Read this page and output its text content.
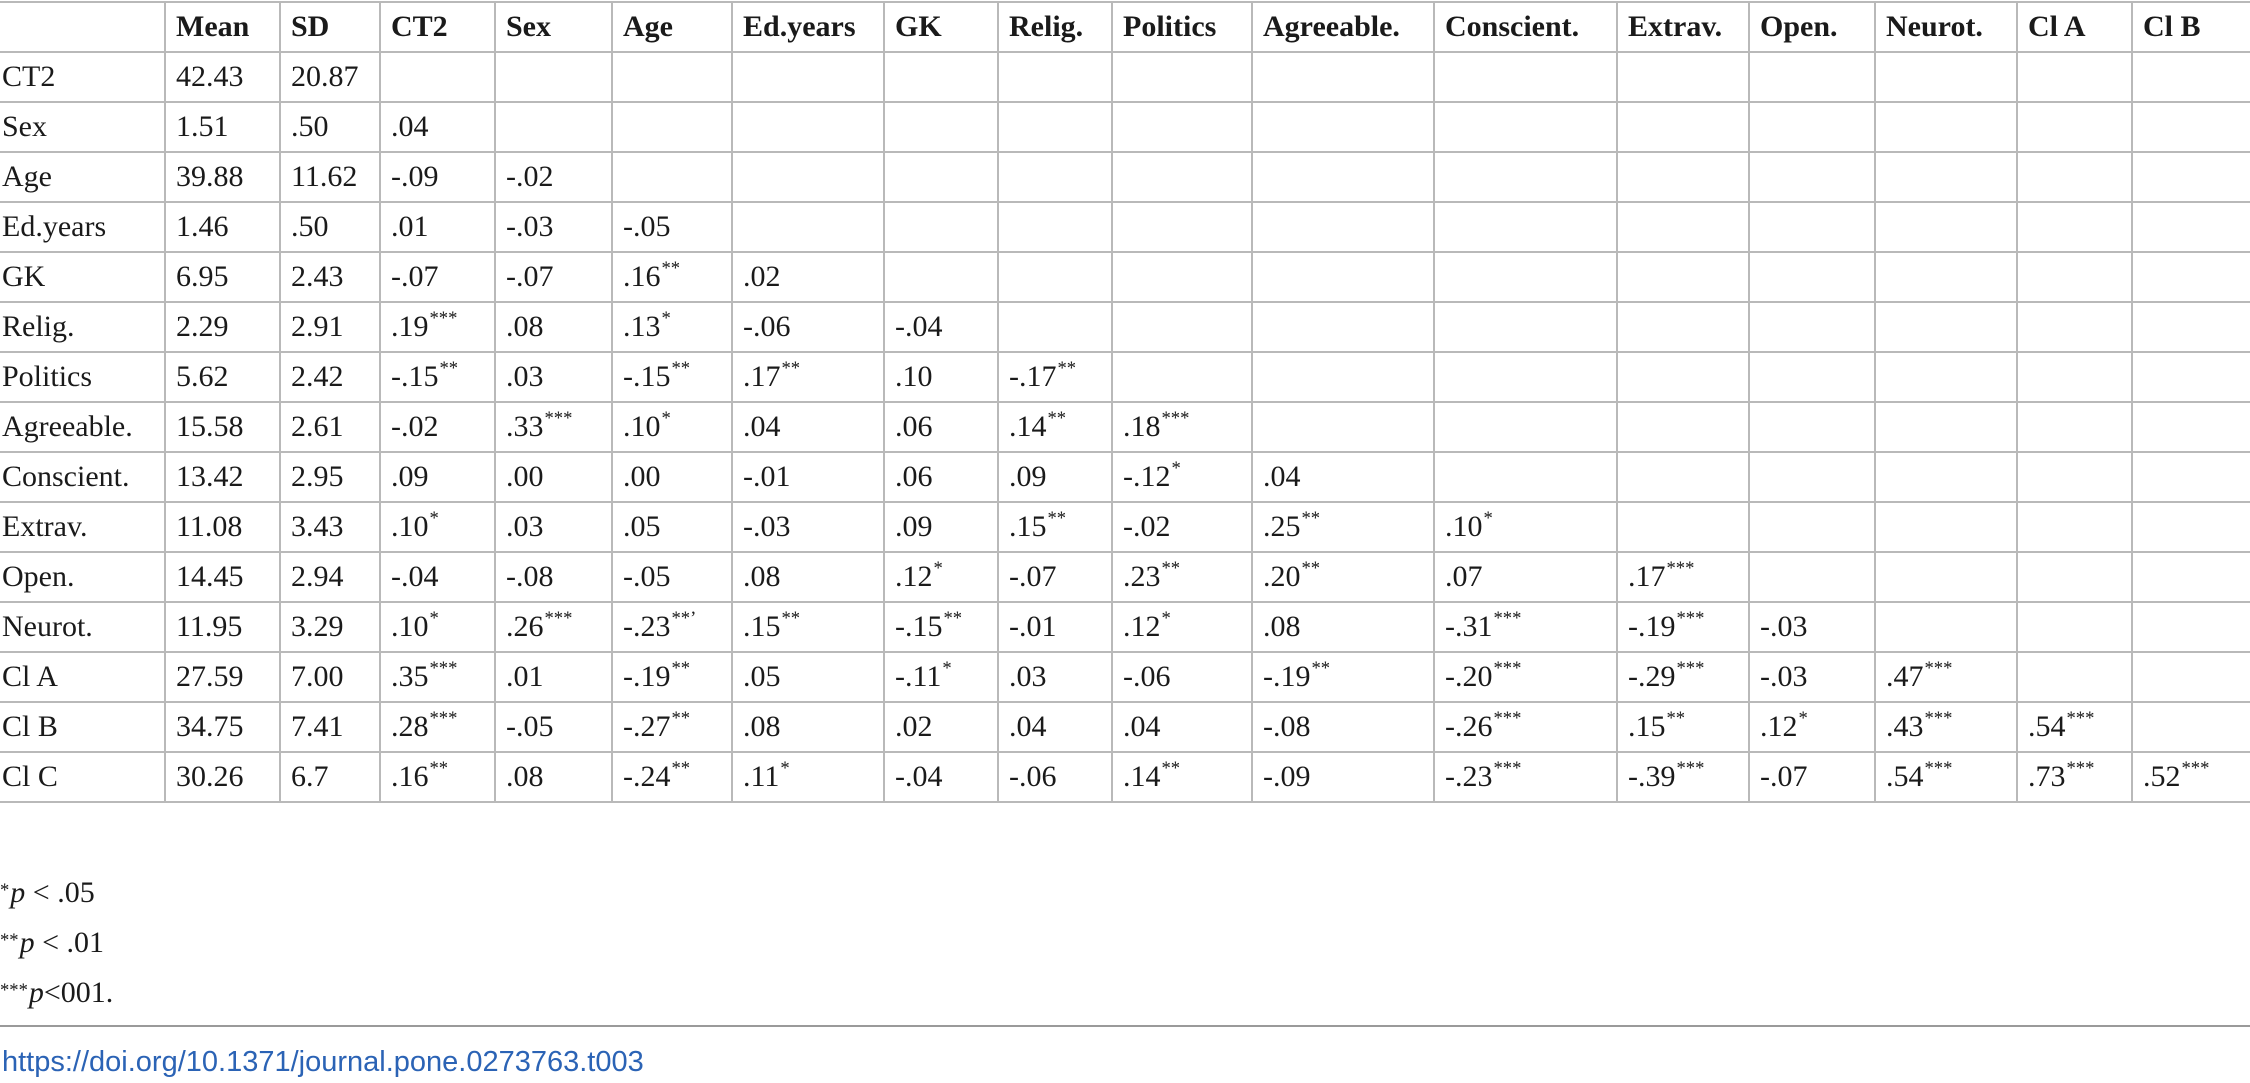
	Mean	SD	CT2	Sex	Age	Ed.years	GK	Relig.	Politics	Agreeable.	Conscient.	Extrav.	Open.	Neurot.	Cl A	Cl B
CT2	42.43	20.87														
Sex	1.51	.50	.04													
Age	39.88	11.62	-.09	-.02												
Ed.years	1.46	.50	.01	-.03	-.05											
GK	6.95	2.43	-.07	-.07	.16**	.02										
Relig.	2.29	2.91	.19***	.08	.13*	-.06	-.04									
Politics	5.62	2.42	-.15**	.03	-.15**	.17**	.10	-.17**								
Agreeable.	15.58	2.61	-.02	.33***	.10*	.04	.06	.14**	.18***							
Conscient.	13.42	2.95	.09	.00	.00	-.01	.06	.09	-.12*	.04						
Extrav.	11.08	3.43	.10*	.03	.05	-.03	.09	.15**	-.02	.25**	.10*					
Open.	14.45	2.94	-.04	-.08	-.05	.08	.12*	-.07	.23**	.20**	.07	.17***				
Neurot.	11.95	3.29	.10*	.26***	-.23**’	.15**	-.15**	-.01	.12*	.08	-.31***	-.19***	-.03			
Cl A	27.59	7.00	.35***	.01	-.19**	.05	-.11*	.03	-.06	-.19**	-.20***	-.29***	-.03	.47***		
Cl B	34.75	7.41	.28***	-.05	-.27**	.08	.02	.04	.04	-.08	-.26***	.15**	.12*	.43***	.54***	
Cl C	30.26	6.7	.16**	.08	-.24**	.11*	-.04	-.06	.14**	-.09	-.23***	-.39***	-.07	.54***	.73***	.52***
*p < .05
**p < .01
***p<001.
https://doi.org/10.1371/journal.pone.0273763.t003
